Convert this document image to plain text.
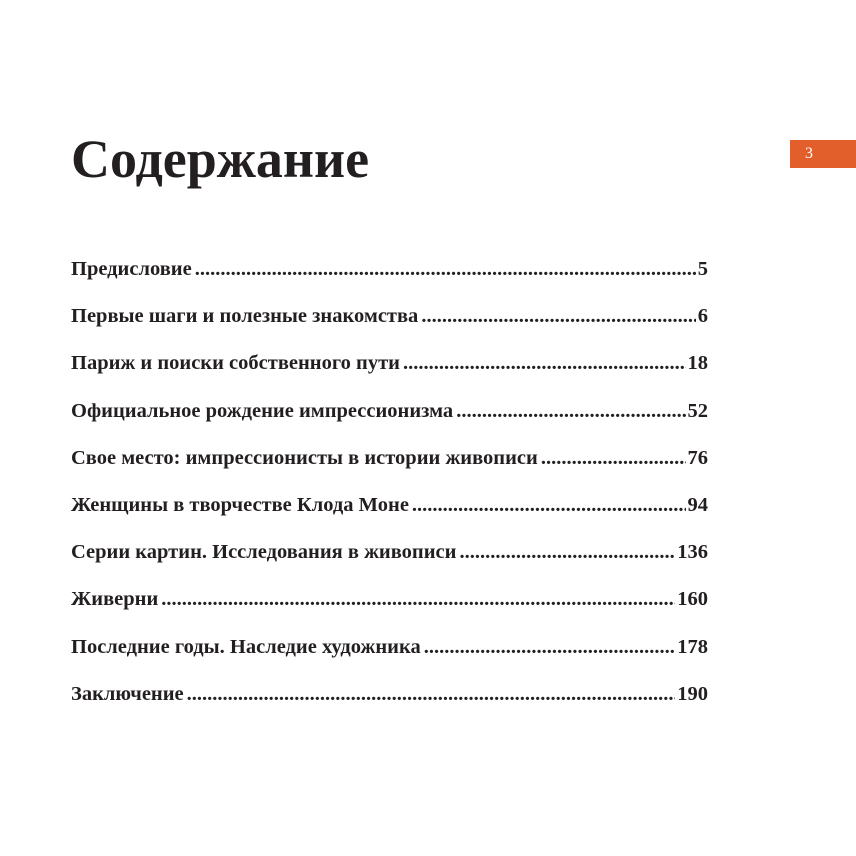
3
Содержание
Предисловие .....	5
Первые шаги и полезные знакомства .....	6
Париж и поиски собственного пути .....	18
Официальное рождение импрессионизма .....	52
Свое место: импрессионисты в истории живописи .....	76
Женщины в творчестве Клода Моне .....	94
Серии картин. Исследования в живописи .....	136
Живерни .....	160
Последние годы. Наследие художника .....	178
Заключение .....	190
